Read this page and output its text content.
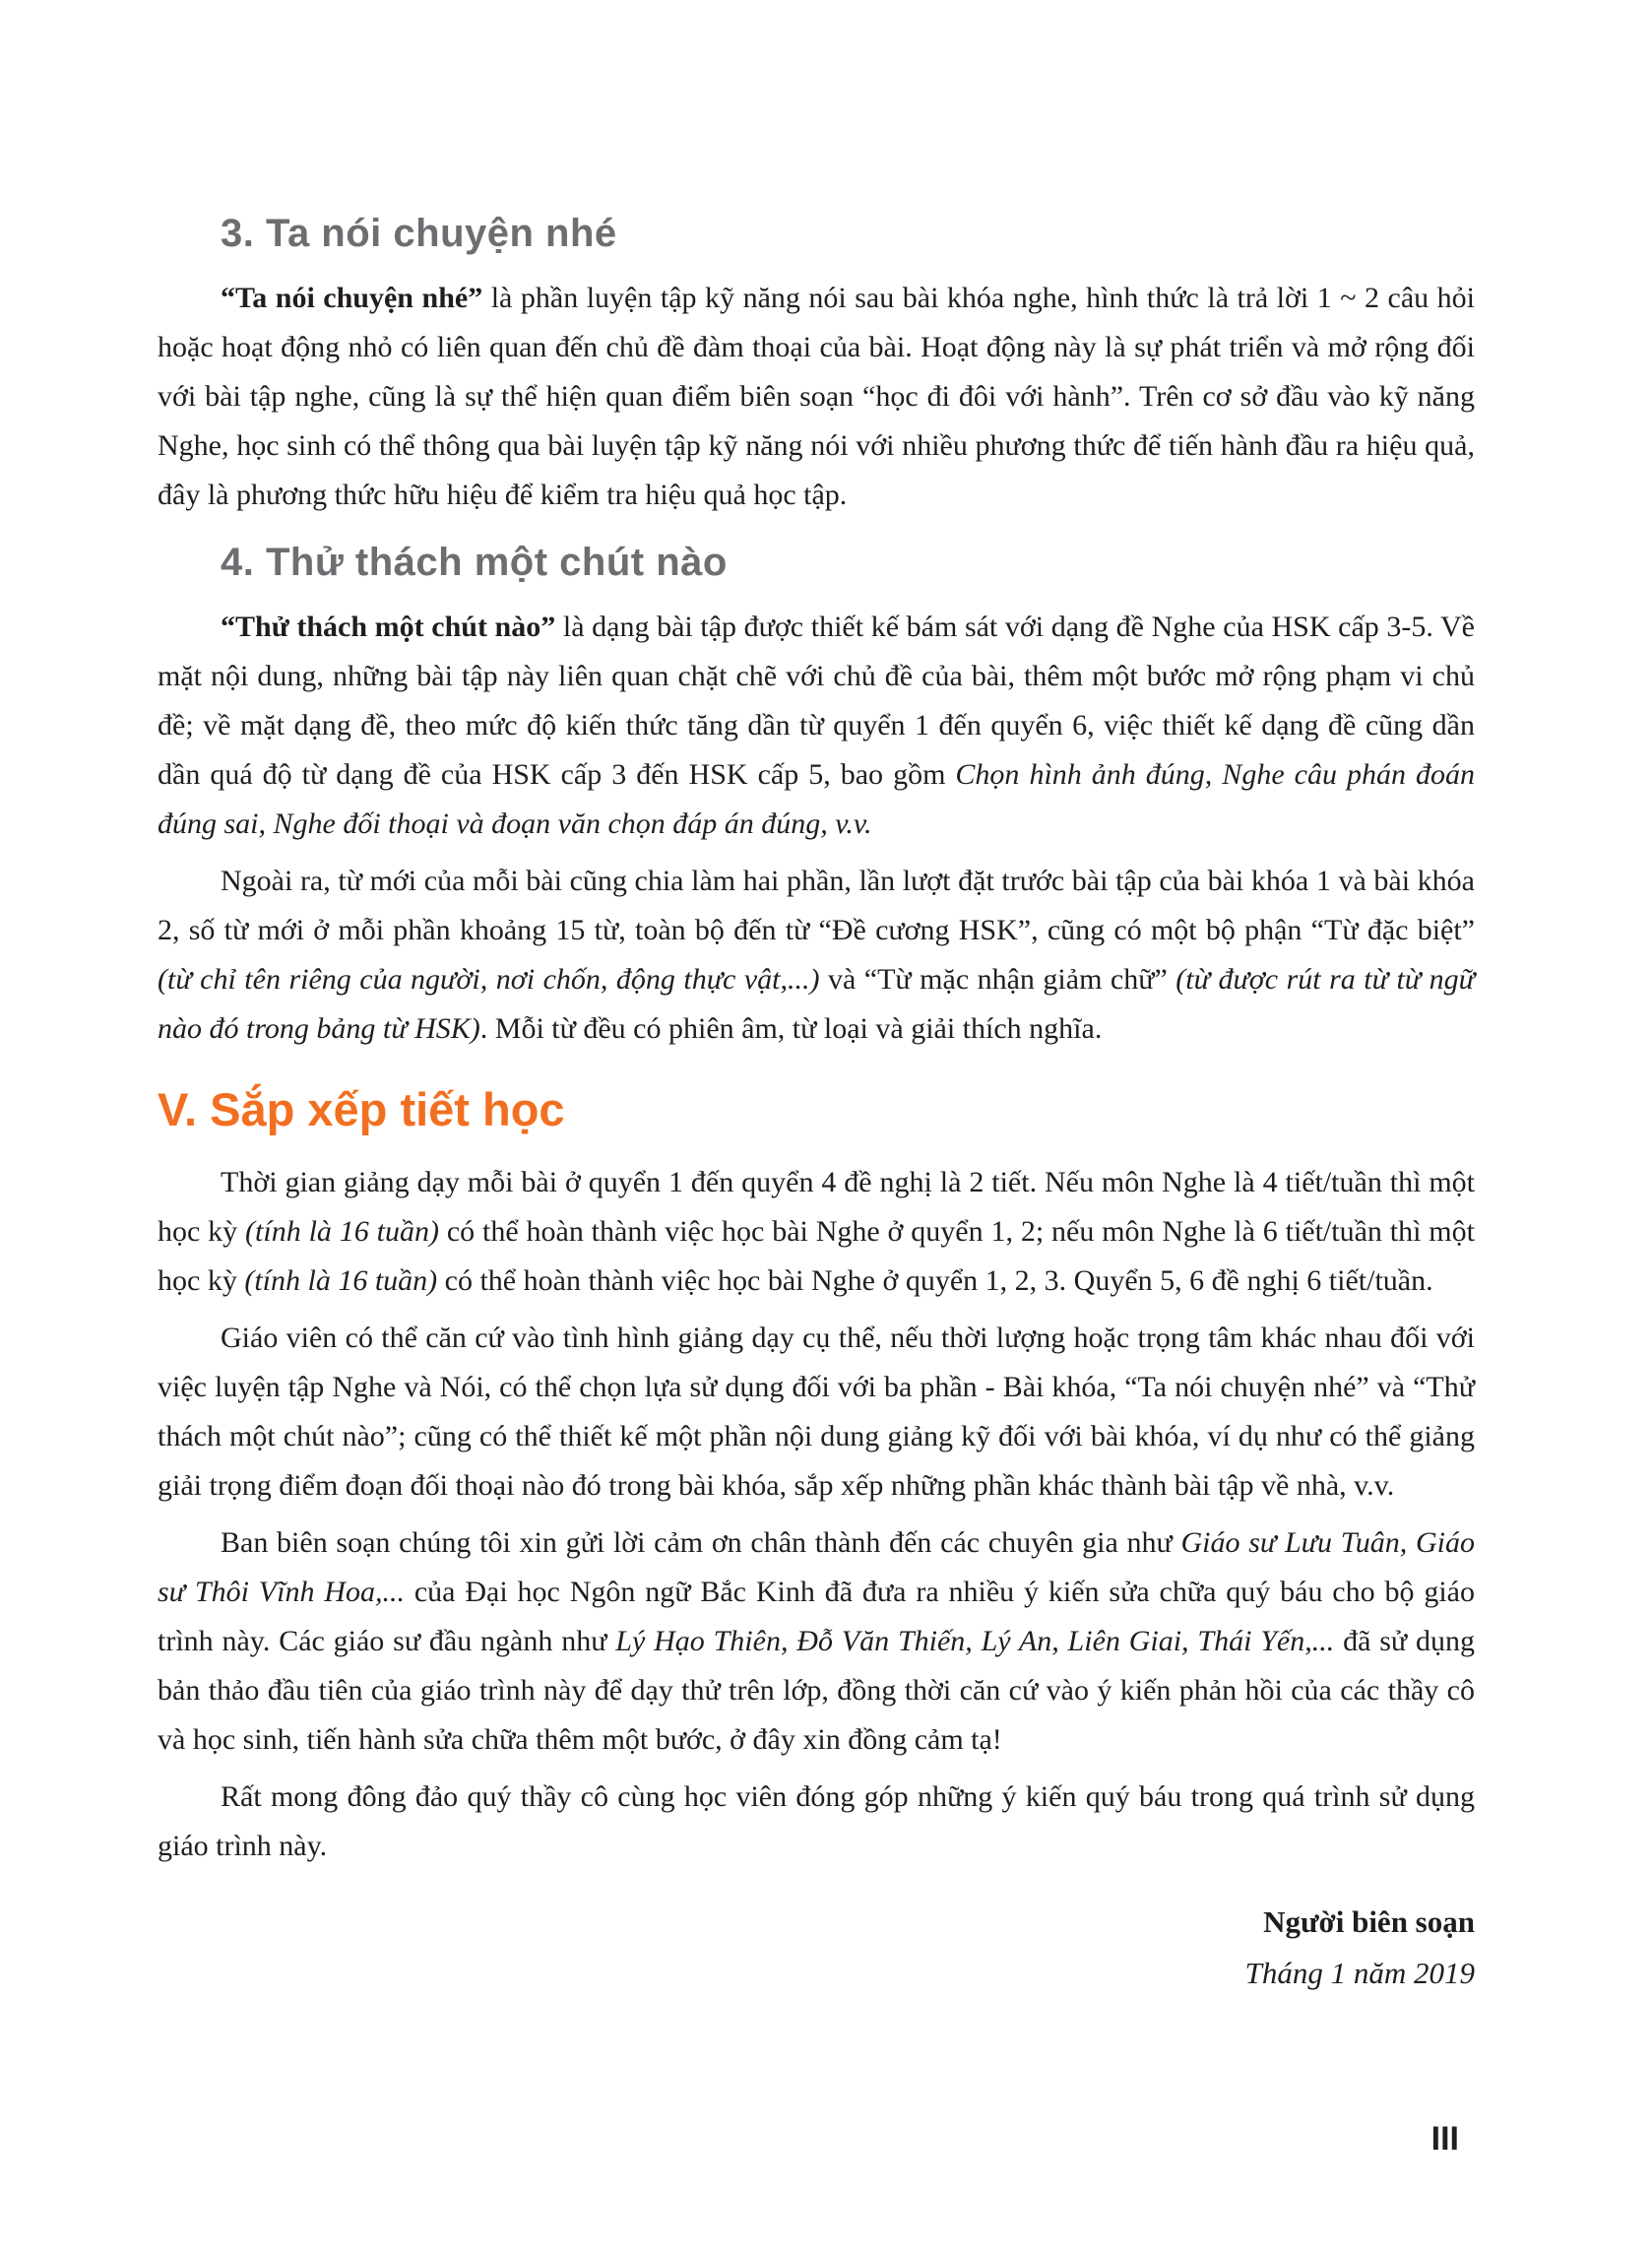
3. Ta nói chuyện nhé

“Ta nói chuyện nhé” là phần luyện tập kỹ năng nói sau bài khóa nghe, hình thức là trả lời 1 ~ 2 câu hỏi hoặc hoạt động nhỏ có liên quan đến chủ đề đàm thoại của bài. Hoạt động này là sự phát triển và mở rộng đối với bài tập nghe, cũng là sự thể hiện quan điểm biên soạn “học đi đôi với hành”. Trên cơ sở đầu vào kỹ năng Nghe, học sinh có thể thông qua bài luyện tập kỹ năng nói với nhiều phương thức để tiến hành đầu ra hiệu quả, đây là phương thức hữu hiệu để kiểm tra hiệu quả học tập.

4. Thử thách một chút nào

“Thử thách một chút nào” là dạng bài tập được thiết kế bám sát với dạng đề Nghe của HSK cấp 3-5. Về mặt nội dung, những bài tập này liên quan chặt chẽ với chủ đề của bài, thêm một bước mở rộng phạm vi chủ đề; về mặt dạng đề, theo mức độ kiến thức tăng dần từ quyển 1 đến quyển 6, việc thiết kế dạng đề cũng dần dần quá độ từ dạng đề của HSK cấp 3 đến HSK cấp 5, bao gồm Chọn hình ảnh đúng, Nghe câu phán đoán đúng sai, Nghe đối thoại và đoạn văn chọn đáp án đúng, v.v.

Ngoài ra, từ mới của mỗi bài cũng chia làm hai phần, lần lượt đặt trước bài tập của bài khóa 1 và bài khóa 2, số từ mới ở mỗi phần khoảng 15 từ, toàn bộ đến từ “Đề cương HSK”, cũng có một bộ phận “Từ đặc biệt” (từ chỉ tên riêng của người, nơi chốn, động thực vật,...) và “Từ mặc nhận giảm chữ” (từ được rút ra từ từ ngữ nào đó trong bảng từ HSK). Mỗi từ đều có phiên âm, từ loại và giải thích nghĩa.

V. Sắp xếp tiết học

Thời gian giảng dạy mỗi bài ở quyển 1 đến quyển 4 đề nghị là 2 tiết. Nếu môn Nghe là 4 tiết/tuần thì một học kỳ (tính là 16 tuần) có thể hoàn thành việc học bài Nghe ở quyển 1, 2; nếu môn Nghe là 6 tiết/tuần thì một học kỳ (tính là 16 tuần) có thể hoàn thành việc học bài Nghe ở quyển 1, 2, 3. Quyển 5, 6 đề nghị 6 tiết/tuần.

Giáo viên có thể căn cứ vào tình hình giảng dạy cụ thể, nếu thời lượng hoặc trọng tâm khác nhau đối với việc luyện tập Nghe và Nói, có thể chọn lựa sử dụng đối với ba phần - Bài khóa, “Ta nói chuyện nhé” và “Thử thách một chút nào”; cũng có thể thiết kế một phần nội dung giảng kỹ đối với bài khóa, ví dụ như có thể giảng giải trọng điểm đoạn đối thoại nào đó trong bài khóa, sắp xếp những phần khác thành bài tập về nhà, v.v.

Ban biên soạn chúng tôi xin gửi lời cảm ơn chân thành đến các chuyên gia như Giáo sư Lưu Tuân, Giáo sư Thôi Vĩnh Hoa,... của Đại học Ngôn ngữ Bắc Kinh đã đưa ra nhiều ý kiến sửa chữa quý báu cho bộ giáo trình này. Các giáo sư đầu ngành như Lý Hạo Thiên, Đỗ Văn Thiến, Lý An, Liên Giai, Thái Yến,... đã sử dụng bản thảo đầu tiên của giáo trình này để dạy thử trên lớp, đồng thời căn cứ vào ý kiến phản hồi của các thầy cô và học sinh, tiến hành sửa chữa thêm một bước, ở đây xin đồng cảm tạ!

Rất mong đông đảo quý thầy cô cùng học viên đóng góp những ý kiến quý báu trong quá trình sử dụng giáo trình này.

Người biên soạn

Tháng 1 năm 2019

III
